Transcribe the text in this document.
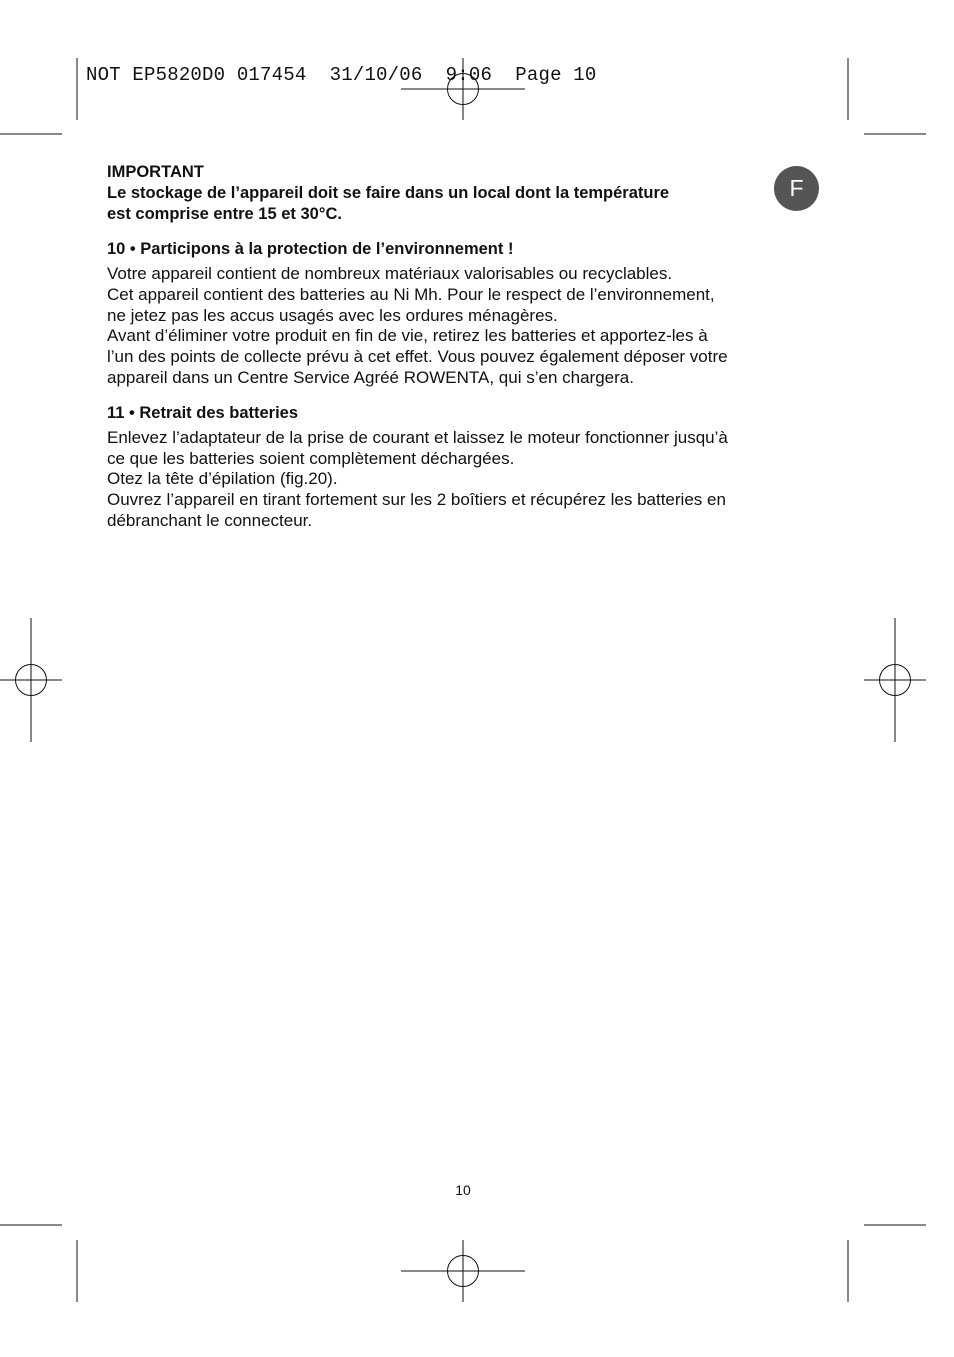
NOT EP5820D0 017454  31/10/06  9:06  Page 10
F

IMPORTANT

Le stockage de l’appareil doit se faire dans un local dont la température
est comprise entre 15 et 30°C.

10 • Participons à la protection de l’environnement !

Votre appareil contient de nombreux matériaux valorisables ou recyclables.
Cet appareil contient des batteries au Ni Mh. Pour le respect de l’environnement,
ne jetez pas les accus usagés avec les ordures ménagères.
Avant d’éliminer votre produit en fin de vie, retirez les batteries et apportez-les à
l’un des points de collecte prévu à cet effet. Vous pouvez également déposer votre
appareil dans un Centre Service Agréé ROWENTA, qui s’en chargera.

11 • Retrait des batteries

Enlevez l’adaptateur de la prise de courant et laissez le moteur fonctionner jusqu’à
ce que les batteries soient complètement déchargées.
Otez la tête d’épilation (fig.20).
Ouvrez l’appareil en tirant fortement sur les 2 boîtiers et récupérez les batteries en
débranchant le connecteur.
10
